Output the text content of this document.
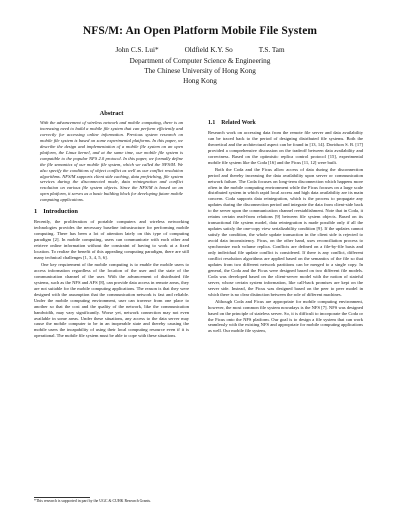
NFS/M: An Open Platform Mobile File System
John C.S. Lui*	Oldfield K.Y. So	T.S. Tam
Department of Computer Science & Engineering
The Chinese University of Hong Kong
Hong Kong
Abstract

With the advancement of wireless network and mobile computing, there is an increasing need to build a mobile file system that can perform efficiently and correctly for accessing online information. Previous system research on mobile file system is based on some experimental platforms. In this paper, we describe the design and implementation of a mobile file system on an open platform, the Linux kernel, and at the same time, our mobile file system is compatible to the popular NFS 2.0 protocol. In this paper, we formally define the file semantics of our mobile file system, which we called the NFS/M. We also specify the conditions of object conflict as well as our conflict resolution algorithms. NFS/M supports client side caching, data prefetching, file system services during the disconnected mode, data reintegration and conflict resolution on various file system objects. Since the NFS/M is based on an open platform, it serves as a basic building block for developing future mobile computing applications.

1 Introduction

Recently, the proliferation of portable computers and wireless networking technologies provides the necessary baseline infrastructure for performing mobile computing. There has been a lot of attention lately on this type of computing paradigm [2]. In mobile computing, users can communicate with each other and retrieve online information without the constraint of having to work at a fixed location. To realize the benefit of this appealing computing paradigm, there are still many technical challenges [1, 3, 4, 5, 6].

One key requirement of the mobile computing is to enable the mobile users to access information regardless of the location of the user and the state of the communication channel of the user. With the advancement of distributed file systems, such as the NFS and AFS [8], can provide data access in remote areas, they are not suitable for the mobile computing applications. The reason is that they were designed with the assumption that the communication network is fast and reliable. Under the mobile computing environment, user can traverse from one place to another so that the cost and the quality of the network, like the communication bandwidth, may vary significantly. Worse yet, network connection may not even available in some areas. Under these situations, any access to the data server may cause the mobile computer to be in an inoperable state and thereby causing the mobile users the incapability of using their local computing resource even if it is operational. The mobile file system must be able to cope with these situations.

*This research is supported in part by the UGC & CUHK Research Grants.
1.1 Related Work

Research work on accessing data from the remote file server and data availability can be traced back to the period of designing distributed file systems. Both the theoretical and the architectural aspect can be found in [13, 14]. Davidson S. B. [17] provided a comprehensive discussion on the tradeoff between data availability and correctness. Based on the optimistic replica control protocol [15], experimental mobile file system like the Coda [16] and the Ficus [11, 12] were built.

Both the Coda and the Ficus allow access of data during the disconnection period and thereby increasing the data availability upon server or communication network failure. The Coda focuses on long-term disconnection which happens more often in the mobile computing environment while the Ficus focuses on a large scale distributed system in which rapid local access and high data availability are its main concern. Coda supports data reintegration, which is the process to propagate any updates during the disconnection period and integrate the data from client-side back to the server upon the communication channel reestablishment. Note that in Coda, it retains certain read-from relations [9] between file system objects. Based on its transactional file system model, data reintegration is made possible only if all the updates satisfy the one-copy view serializability condition [9]. If the updates cannot satisfy the condition, the whole update transaction in the client side is rejected to avoid data inconsistency. Ficus, on the other hand, uses reconciliation process to synchronize each volume replica. Conflicts are defined on a file-by-file basis and only individual file update conflict is considered. If there is any conflict, different conflict resolution algorithms are applied based on the semantics of the file so that updates from two different network partitions can be merged to a single copy. In general, the Coda and the Ficus were designed based on two different file models. Coda was developed based on the client-server model with the notion of stateful server, whose certain system information, like call-back promises are kept on the server side. Instead, the Ficus was designed based on the peer to peer model in which there is no clear distinction between the role of different machines.

Although Coda and Ficus are appropriate for mobile computing environment, however, the most common file system nowadays is the NFS [7]. NFS was designed based on the principle of stateless server. So, it is difficult to incorporate the Coda or the Ficus onto the NFS platform. Our goal is to design a file system that can work seamlessly with the existing NFS and appropriate for mobile computing applications as well. Our mobile file system,
